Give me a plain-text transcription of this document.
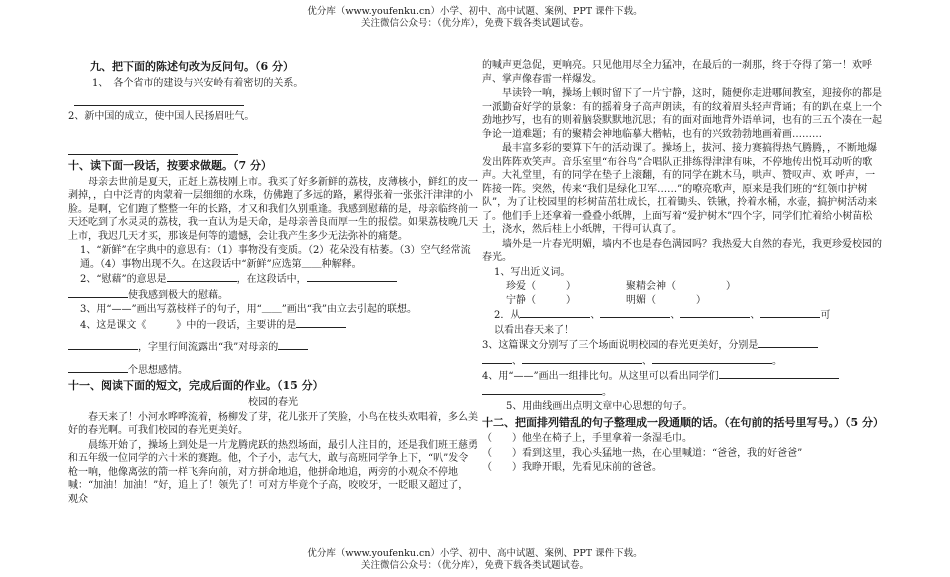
优分库（www.youfenku.cn）小学、初中、高中试题、案例、PPT 课件下载。
关注微信公众号：（优分库），免费下载各类试题试卷。
九、把下面的陈述句改为反问句。（6 分）

1、　各个省市的建设与兴安岭有着密切的关系。

2、新中国的成立，使中国人民扬眉吐气。

十、读下面一段话，按要求做题。（7 分）

母亲去世前是夏天，正赶上荔枝刚上市。我买了好多新鲜的荔枝，皮薄核小，鲜红的皮一剥掉，，白中泛青的肉蒙着一层细细的水珠，仿佛跑了多远的路，累得张着一张张汗津津的小脸。是啊，它们跑了整整一年的长路，才又和我们久别重逢。我感到慰藉的是，母亲临终前一天还吃到了水灵灵的荔枝，我一直认为是天命，是母亲善良而厚一生的报偿。如果荔枝晚几天上市，我迟几天才买，那该是何等的遗憾，会让我产生多少无法弥补的痛楚。

1、“新鲜”在字典中的意思有：（1）事物没有变质。（2）花朵没有枯萎。（3）空气经常流通。（4）事物出现不久。在这段话中“新鲜”应选第＿＿种解释。

2、“慰藉”的意思是	，在这段话中，

使我感到极大的慰藉。

3、用“——”画出写荔枝样子的句子，用“＿＿”画出“我”由立去引起的联想。

4、这是课文《　　　》中的一段话，主要讲的是

，字里行间流露出“我”对母亲的

个思想感情。

十一、阅读下面的短文，完成后面的作业。（15 分）
校园的春光

春天来了！小河水哗哗流着，杨柳发了芽，花儿张开了笑脸，小鸟在枝头欢唱着，多么美好的春光啊。可我们校园的春光更美好。

晨练开始了，操场上到处是一片龙腾虎跃的热烈场面，最引人注目的，还是我们班王慈勇和五年级一位同学的六十米的赛跑。他，个子小，志气大，敢与高班同学争上下，“叭”发令枪一响，他像离弦的箭一样飞奔向前，对方拼命地追，他拼命地追，两旁的小观众不停地喊：“加油！加油！”好，追上了！领先了！可对方毕竟个子高，咬咬牙，一眨眼又超过了，观众

的喊声更急促，更响亮。只见他用尽全力猛冲，在最后的一刹那，终于夺得了第一！欢呼声、掌声像春雷一样爆发。

早读铃一响，操场上顿时留下了一片宁静，这时，随便你走进哪间教室，迎接你的都是一派勤奋好学的景象：有的摇着身子高声朗读，有的纹着眉头轻声背诵；有的趴在桌上一个劲地抄写，也有的则着脑袋默默地沉思；有的面对面地背外语单词，也有的三五个凑在一起争论一道难题；有的聚精会神地临摹大楷帖，也有的兴致勃勃地画着画………

最丰富多彩的要算下午的活动课了。操场上，拔河、接力赛搞得热气腾腾，，不断地爆发出阵阵欢笑声。音乐室里“布谷鸟”合唱队正排练得津津有味，不停地传出悦耳动听的歌声。大礼堂里，有的同学在垫子上滚翻，有的同学在跳木马，哄声、赞叹声、欢 呼声，一阵接一阵。突然，传来“我们是绿化卫军……”的嘹亮歌声，原来是我们班的“红领巾护树队”，为了让校园里的杉树苗茁壮成长，扛着锄头、铁锹，拎着水桶，水壶，搞护树活动来了。他们手上还拿着一叠叠小纸牌，上面写着“爱护树木”四个字，同学们忙着给小树苗松土，浇水，然后桂上小纸牌，干得可认真了。

墙外是一片春光明媚，墙内不也是春色满园吗？我热爱大自然的春光，我更珍爱校园的春光。

1、写出近义词。

珍爱（　　　）	聚精会神（　　　　　）
宁静（　　　）	明媚（　　　　）

2．从	、	、	、	可

以看出春天来了！

3、这篇课文分别写了三个场面说明校园的春光更美好，分别是

、	、	。

4、用“——”画出一组排比句。从这里可以看出同学们

。

5、用曲线画出点明文章中心思想的句子。

十二、把面排列错乱的句子整理成一段通顺的话。（在句前的括号里写号。）（5 分）

（　　）他坐在椅子上，手里拿着一条湿毛巾。

（　　）看到这里，我心头猛地一热，在心里喊道：“爸爸，我的好爸爸”

（　　）我睁开眼，先看见床前的爸爸。

优分库（www.youfenku.cn）小学、初中、高中试题、案例、PPT 课件下载。
关注微信公众号：（优分库），免费下载各类试题试卷。
